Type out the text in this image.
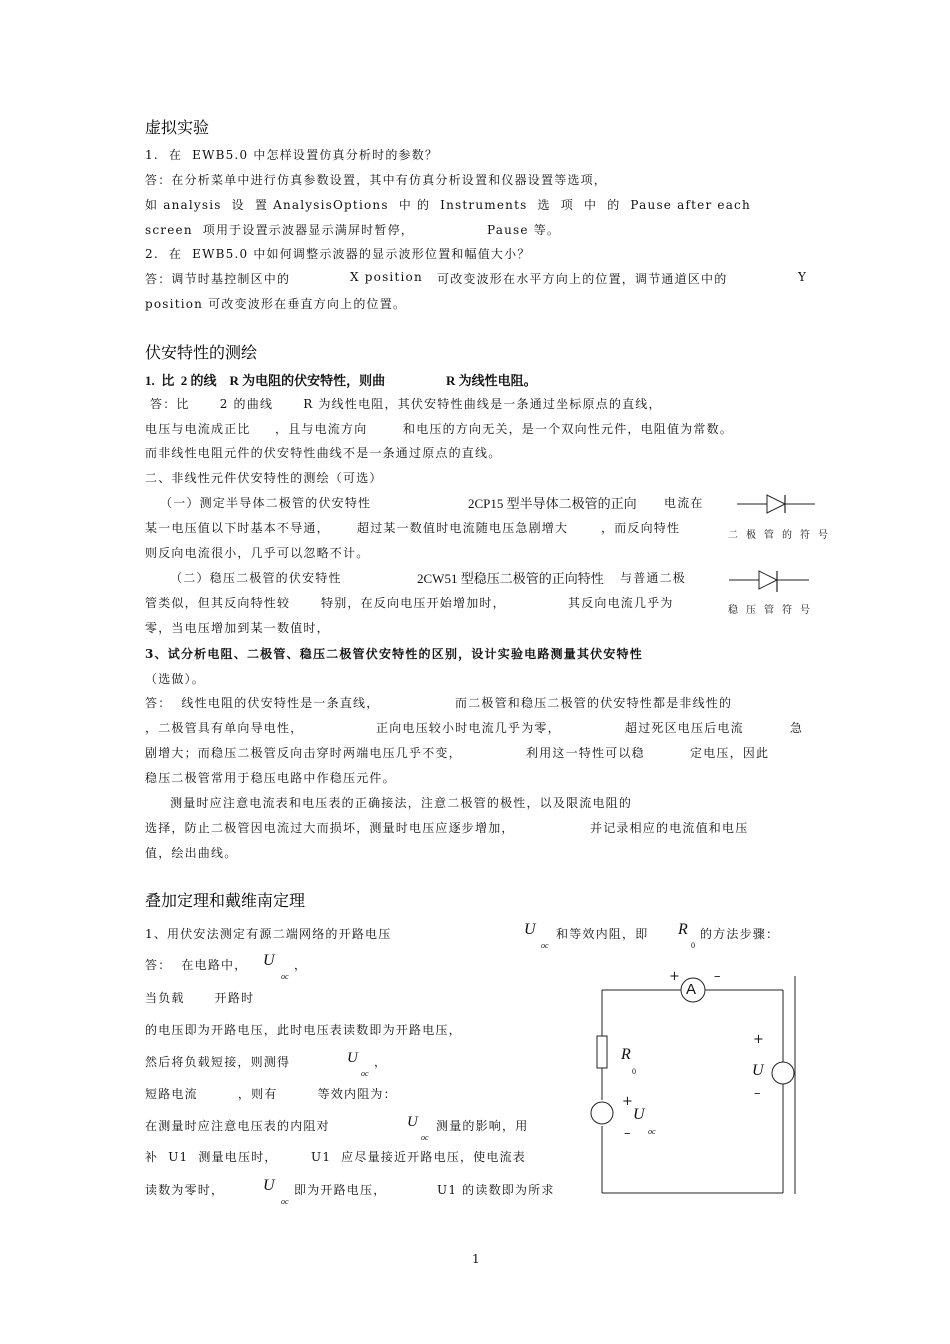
虚拟实验
1.  在  EWB5.0 中怎样设置仿真分析时的参数？
答：在分析菜单中进行仿真参数设置，其中有仿真分析设置和仪器设置等选项，
如 analysis  设  置 AnalysisOptions  中 的  Instruments  选  项  中  的  Pause after each
screen  项用于设置示波器显示满屏时暂停，	Pause 等。
2.  在  EWB5.0 中如何调整示波器的显示波形位置和幅值大小？
答：调节时基控制区中的	X position 可改变波形在水平方向上的位置，调节通道区中的	Y
position 可改变波形在垂直方向上的位置。
伏安特性的测绘
1.  比  2 的线    R 为电阻的伏安特性，则曲	R 为线性电阻。
答：比      2 的曲线      R 为线性电阻，其伏安特性曲线是一条通过坐标原点的直线，
电压与电流成正比 ，且与电流方向	和电压的方向无关，是一个双向性元件，电阻值为常数。
而非线性电阻元件的伏安特性曲线不是一条通过原点的直线。
二、非线性元件伏安特性的测绘（可选）
（一）测定半导体二极管的伏安特性	2CP15 型半导体二极管的正向 电流在
某一电压值以下时基本不导通， 超过某一数值时电流随电压急剧增大	，而反向特性
则反向电流很小，几乎可以忽略不计。
（二）稳压二极管的伏安特性	2CW51 型稳压二极管的正向特性 与普通二极
管类似，但其反向特性较	特别，在反向电压开始增加时，	其反向电流几乎为
零，当电压增加到某一数值时，
二极管的符号
稳压管符号
3、试分析电阻、二极管、稳压二极管伏安特性的区别，设计实验电路测量其伏安特性
（选做）。
答：  线性电阻的伏安特性是一条直线，	而二极管和稳压二极管的伏安特性都是非线性的
，二极管具有单向导电性，	正向电压较小时电流几乎为零，	超过死区电压后电流	急
剧增大；而稳压二极管反向击穿时两端电压几乎不变，	利用这一特性可以稳	定电压，因此
稳压二极管常用于稳压电路中作稳压元件。
测量时应注意电流表和电压表的正确接法，注意二极管的极性，以及限流电阻的
选择，防止二极管因电流过大而损坏，测量时电压应逐步增加，	并记录相应的电流值和电压
值，绘出曲线。
叠加定理和戴维南定理
1、用伏安法测定有源二端网络的开路电压	U
oc
和等效内阻，即 R
0
的方法步骤：
答：  在电路中， U
oc
，
当负载      开路时
的电压即为开路电压，此时电压表读数即为开路电压，
然后将负载短接，则测得	U
oc
，
短路电流        ，则有        等效内阻为：
在测量时应注意电压表的内阻对	U
oc
测量的影响，用
补  U1  测量电压时，	U1  应尽量接近开路电压，使电流表
读数为零时， U
oc
即为开路电压，	U1 的读数即为所求
+	–
A
R
0
+
U
oc
–
+
U
–
1
